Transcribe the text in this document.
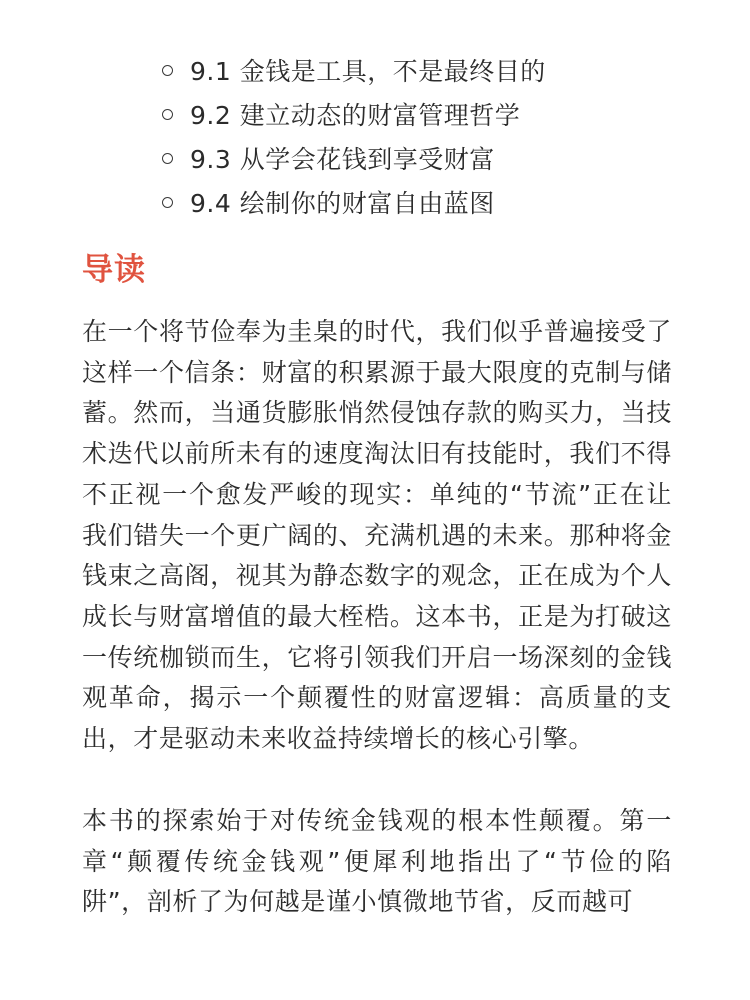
9.1 金钱是工具，不是最终目的
9.2 建立动态的财富管理哲学
9.3 从学会花钱到享受财富
9.4 绘制你的财富自由蓝图
导读

在一个将节俭奉为圭臬的时代，我们似乎普遍接受了这样一个信条：财富的积累源于最大限度的克制与储蓄。然而，当通货膨胀悄然侵蚀存款的购买力，当技术迭代以前所未有的速度淘汰旧有技能时，我们不得不正视一个愈发严峻的现实：单纯的“节流”正在让我们错失一个更广阔的、充满机遇的未来。那种将金钱束之高阁，视其为静态数字的观念，正在成为个人成长与财富增值的最大桎梏。这本书，正是为打破这一传统枷锁而生，它将引领我们开启一场深刻的金钱观革命，揭示一个颠覆性的财富逻辑：高质量的支出，才是驱动未来收益持续增长的核心引擎。

本书的探索始于对传统金钱观的根本性颠覆。第一章“颠覆传统金钱观”便犀利地指出了“节俭的陷阱”，剖析了为何越是谨小慎微地节省，反而越可
